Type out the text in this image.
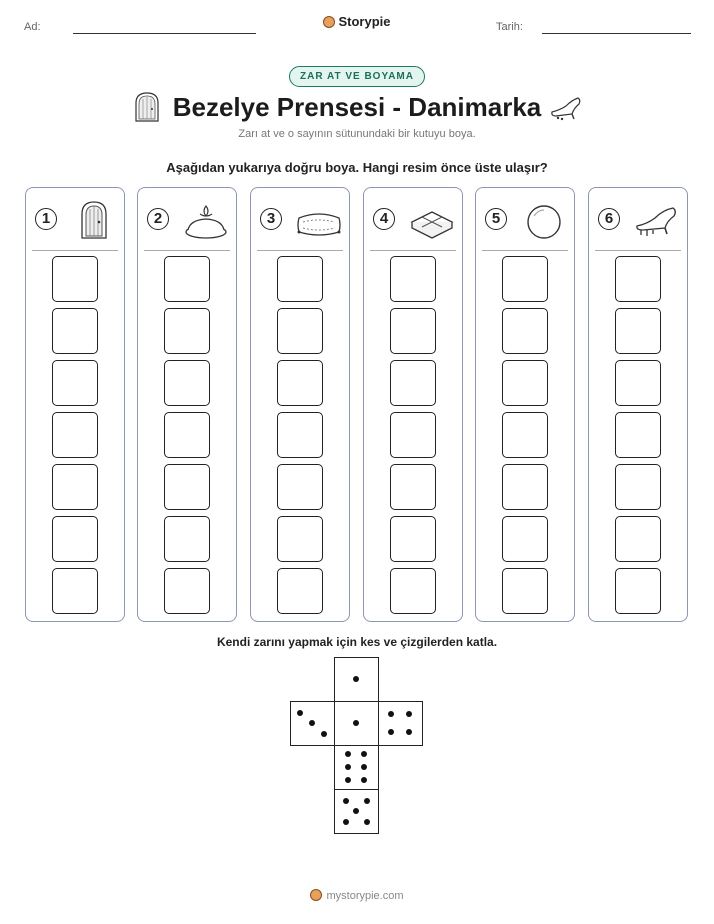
Ad:	Storypie	Tarih:
ZAR AT VE BOYAMA
Bezelye Prensesi - Danimarka
Zarı at ve o sayının sütunundaki bir kutuyu boya.
Aşağıdan yukarıya doğru boya. Hangi resim önce üste ulaşır?
1	2	3	4	5	6
Kendi zarını yapmak için kes ve çizgilerden katla.
mystorypie.com
